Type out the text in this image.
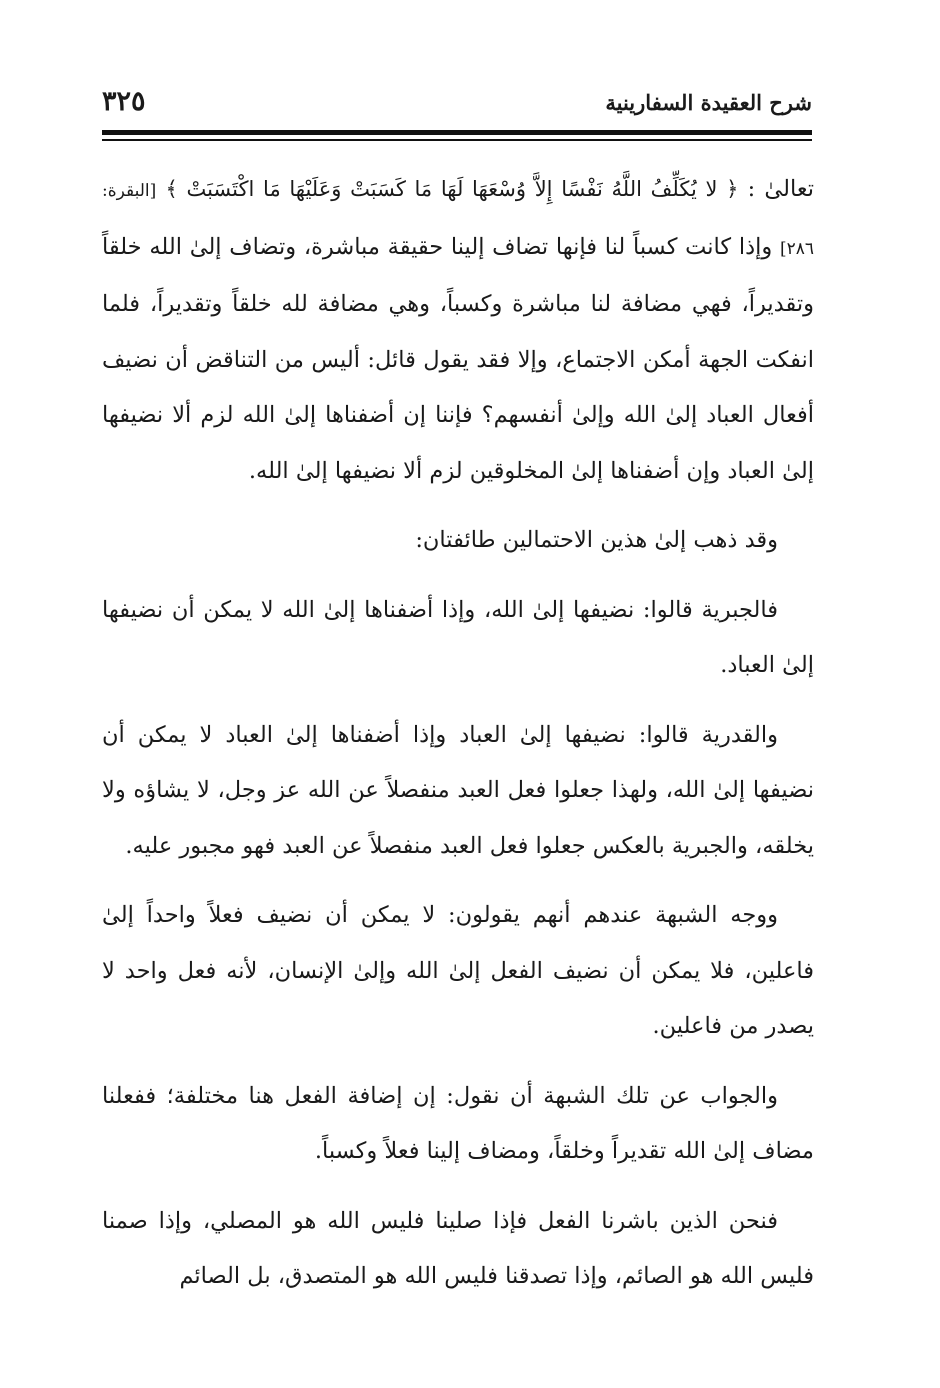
شرح العقيدة السفارينية
٣٢٥

تعالىٰ : ﴿ لا يُكَلِّفُ اللَّهُ نَفْسًا إِلاَّ وُسْعَهَا لَهَا مَا كَسَبَتْ وَعَلَيْهَا مَا اكْتَسَبَتْ ﴾ [البقرة: ٢٨٦] وإذا كانت كسباً لنا فإنها تضاف إلينا حقيقة مباشرة، وتضاف إلىٰ الله خلقاً وتقديراً، فهي مضافة لنا مباشرة وكسباً، وهي مضافة لله خلقاً وتقديراً، فلما انفكت الجهة أمكن الاجتماع، وإلا فقد يقول قائل: أليس من التناقض أن نضيف أفعال العباد إلىٰ الله وإلىٰ أنفسهم؟ فإننا إن أضفناها إلىٰ الله لزم ألا نضيفها إلىٰ العباد وإن أضفناها إلىٰ المخلوقين لزم ألا نضيفها إلىٰ الله.

وقد ذهب إلىٰ هذين الاحتمالين طائفتان:

فالجبرية قالوا: نضيفها إلىٰ الله، وإذا أضفناها إلىٰ الله لا يمكن أن نضيفها إلىٰ العباد.

والقدرية قالوا: نضيفها إلىٰ العباد وإذا أضفناها إلىٰ العباد لا يمكن أن نضيفها إلىٰ الله، ولهذا جعلوا فعل العبد منفصلاً عن الله عز وجل، لا يشاؤه ولا يخلقه، والجبرية بالعكس جعلوا فعل العبد منفصلاً عن العبد فهو مجبور عليه.

ووجه الشبهة عندهم أنهم يقولون: لا يمكن أن نضيف فعلاً واحداً إلىٰ فاعلين، فلا يمكن أن نضيف الفعل إلىٰ الله وإلىٰ الإنسان، لأنه فعل واحد لا يصدر من فاعلين.

والجواب عن تلك الشبهة أن نقول: إن إضافة الفعل هنا مختلفة؛ ففعلنا مضاف إلىٰ الله تقديراً وخلقاً، ومضاف إلينا فعلاً وكسباً.

فنحن الذين باشرنا الفعل فإذا صلينا فليس الله هو المصلي، وإذا صمنا فليس الله هو الصائم، وإذا تصدقنا فليس الله هو المتصدق، بل الصائم
